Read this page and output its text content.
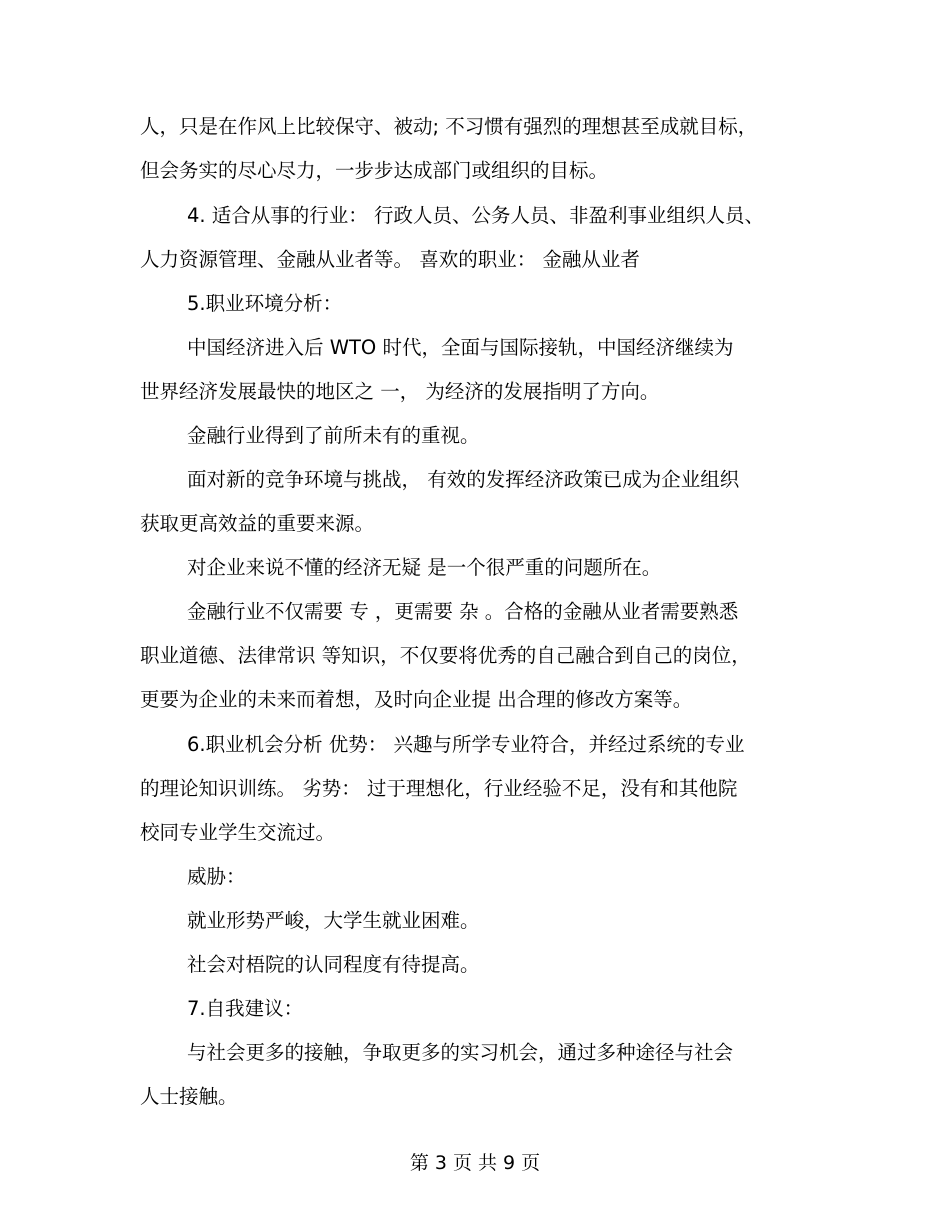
人，只是在作风上比较保守、被动; 不习惯有强烈的理想甚至成就目标，
但会务实的尽心尽力，一步步达成部门或组织的目标。
4. 适合从事的行业： 行政人员、公务人员、非盈利事业组织人员、
人力资源管理、金融从业者等。 喜欢的职业： 金融从业者
5.职业环境分析：
中国经济进入后 WTO 时代，全面与国际接轨，中国经济继续为
世界经济发展最快的地区之 一， 为经济的发展指明了方向。
金融行业得到了前所未有的重视。
面对新的竞争环境与挑战， 有效的发挥经济政策已成为企业组织
获取更高效益的重要来源。
对企业来说不懂的经济无疑 是一个很严重的问题所在。
金融行业不仅需要 专 ，更需要 杂 。合格的金融从业者需要熟悉
职业道德、法律常识 等知识，不仅要将优秀的自己融合到自己的岗位，
更要为企业的未来而着想，及时向企业提 出合理的修改方案等。
6.职业机会分析 优势： 兴趣与所学专业符合，并经过系统的专业
的理论知识训练。 劣势： 过于理想化，行业经验不足，没有和其他院
校同专业学生交流过。
威胁：
就业形势严峻，大学生就业困难。
社会对梧院的认同程度有待提高。
7.自我建议：
与社会更多的接触，争取更多的实习机会，通过多种途径与社会
人士接触。
第 3 页 共 9 页
